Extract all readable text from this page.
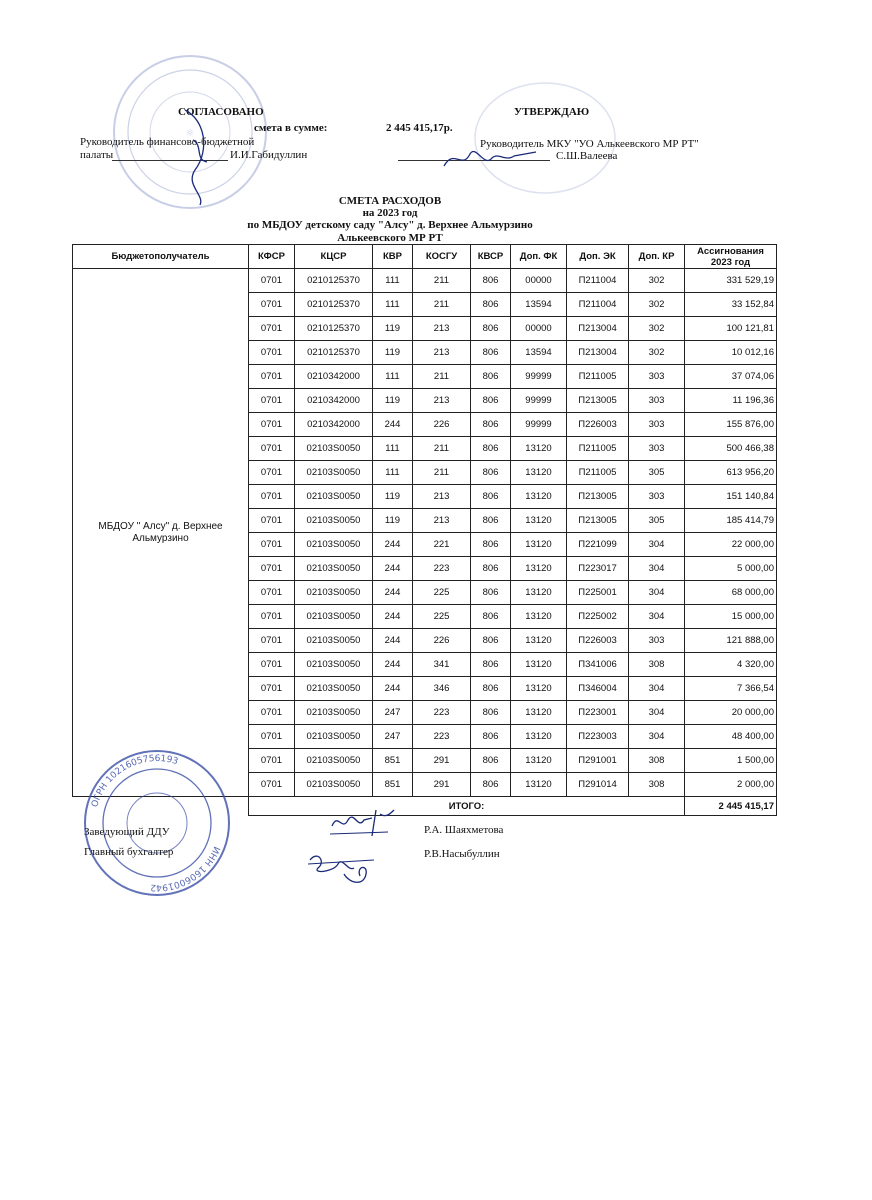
☼
СОГЛАСОВАНО
смета в сумме:	2 445 415,17р.
Руководитель финансово-бюджетной
палаты	И.И.Габидуллин
УТВЕРЖДАЮ
Руководитель МКУ "УО Алькеевского МР РТ"
С.Ш.Валеева
СМЕТА РАСХОДОВ
на 2023 год
по МБДОУ детскому саду "Алсу" д. Верхнее Альмурзино
Алькеевского МР РТ
Бюджетополучатель	КФСР	КЦСР	КВР	КОСГУ	КВСР	Доп. ФК	Доп. ЭК	Доп. КР	Ассигнования 2023 год
МБДОУ " Алсу" д. Верхнее Альмурзино	0701	0210125370	111	211	806	00000	П211004	302	331 529,19
	0701	0210125370	111	211	806	13594	П211004	302	33 152,84
	0701	0210125370	119	213	806	00000	П213004	302	100 121,81
	0701	0210125370	119	213	806	13594	П213004	302	10 012,16
	0701	0210342000	111	211	806	99999	П211005	303	37 074,06
	0701	0210342000	119	213	806	99999	П213005	303	11 196,36
	0701	0210342000	244	226	806	99999	П226003	303	155 876,00
	0701	02103S0050	111	211	806	13120	П211005	303	500 466,38
	0701	02103S0050	111	211	806	13120	П211005	305	613 956,20
	0701	02103S0050	119	213	806	13120	П213005	303	151 140,84
	0701	02103S0050	119	213	806	13120	П213005	305	185 414,79
	0701	02103S0050	244	221	806	13120	П221099	304	22 000,00
	0701	02103S0050	244	223	806	13120	П223017	304	5 000,00
	0701	02103S0050	244	225	806	13120	П225001	304	68 000,00
	0701	02103S0050	244	225	806	13120	П225002	304	15 000,00
	0701	02103S0050	244	226	806	13120	П226003	303	121 888,00
	0701	02103S0050	244	341	806	13120	П341006	308	4 320,00
	0701	02103S0050	244	346	806	13120	П346004	304	7 366,54
	0701	02103S0050	247	223	806	13120	П223001	304	20 000,00
	0701	02103S0050	247	223	806	13120	П223003	304	48 400,00
	0701	02103S0050	851	291	806	13120	П291001	308	1 500,00
	0701	02103S0050	851	291	806	13120	П291014	308	2 000,00
	ИТОГО:								2 445 415,17
ОГРН 1021605756193
ИНН 1606001942
Заведующий ДДУ	Р.А. Шаяхметова
Главный бухгалтер	Р.В.Насыбуллин
